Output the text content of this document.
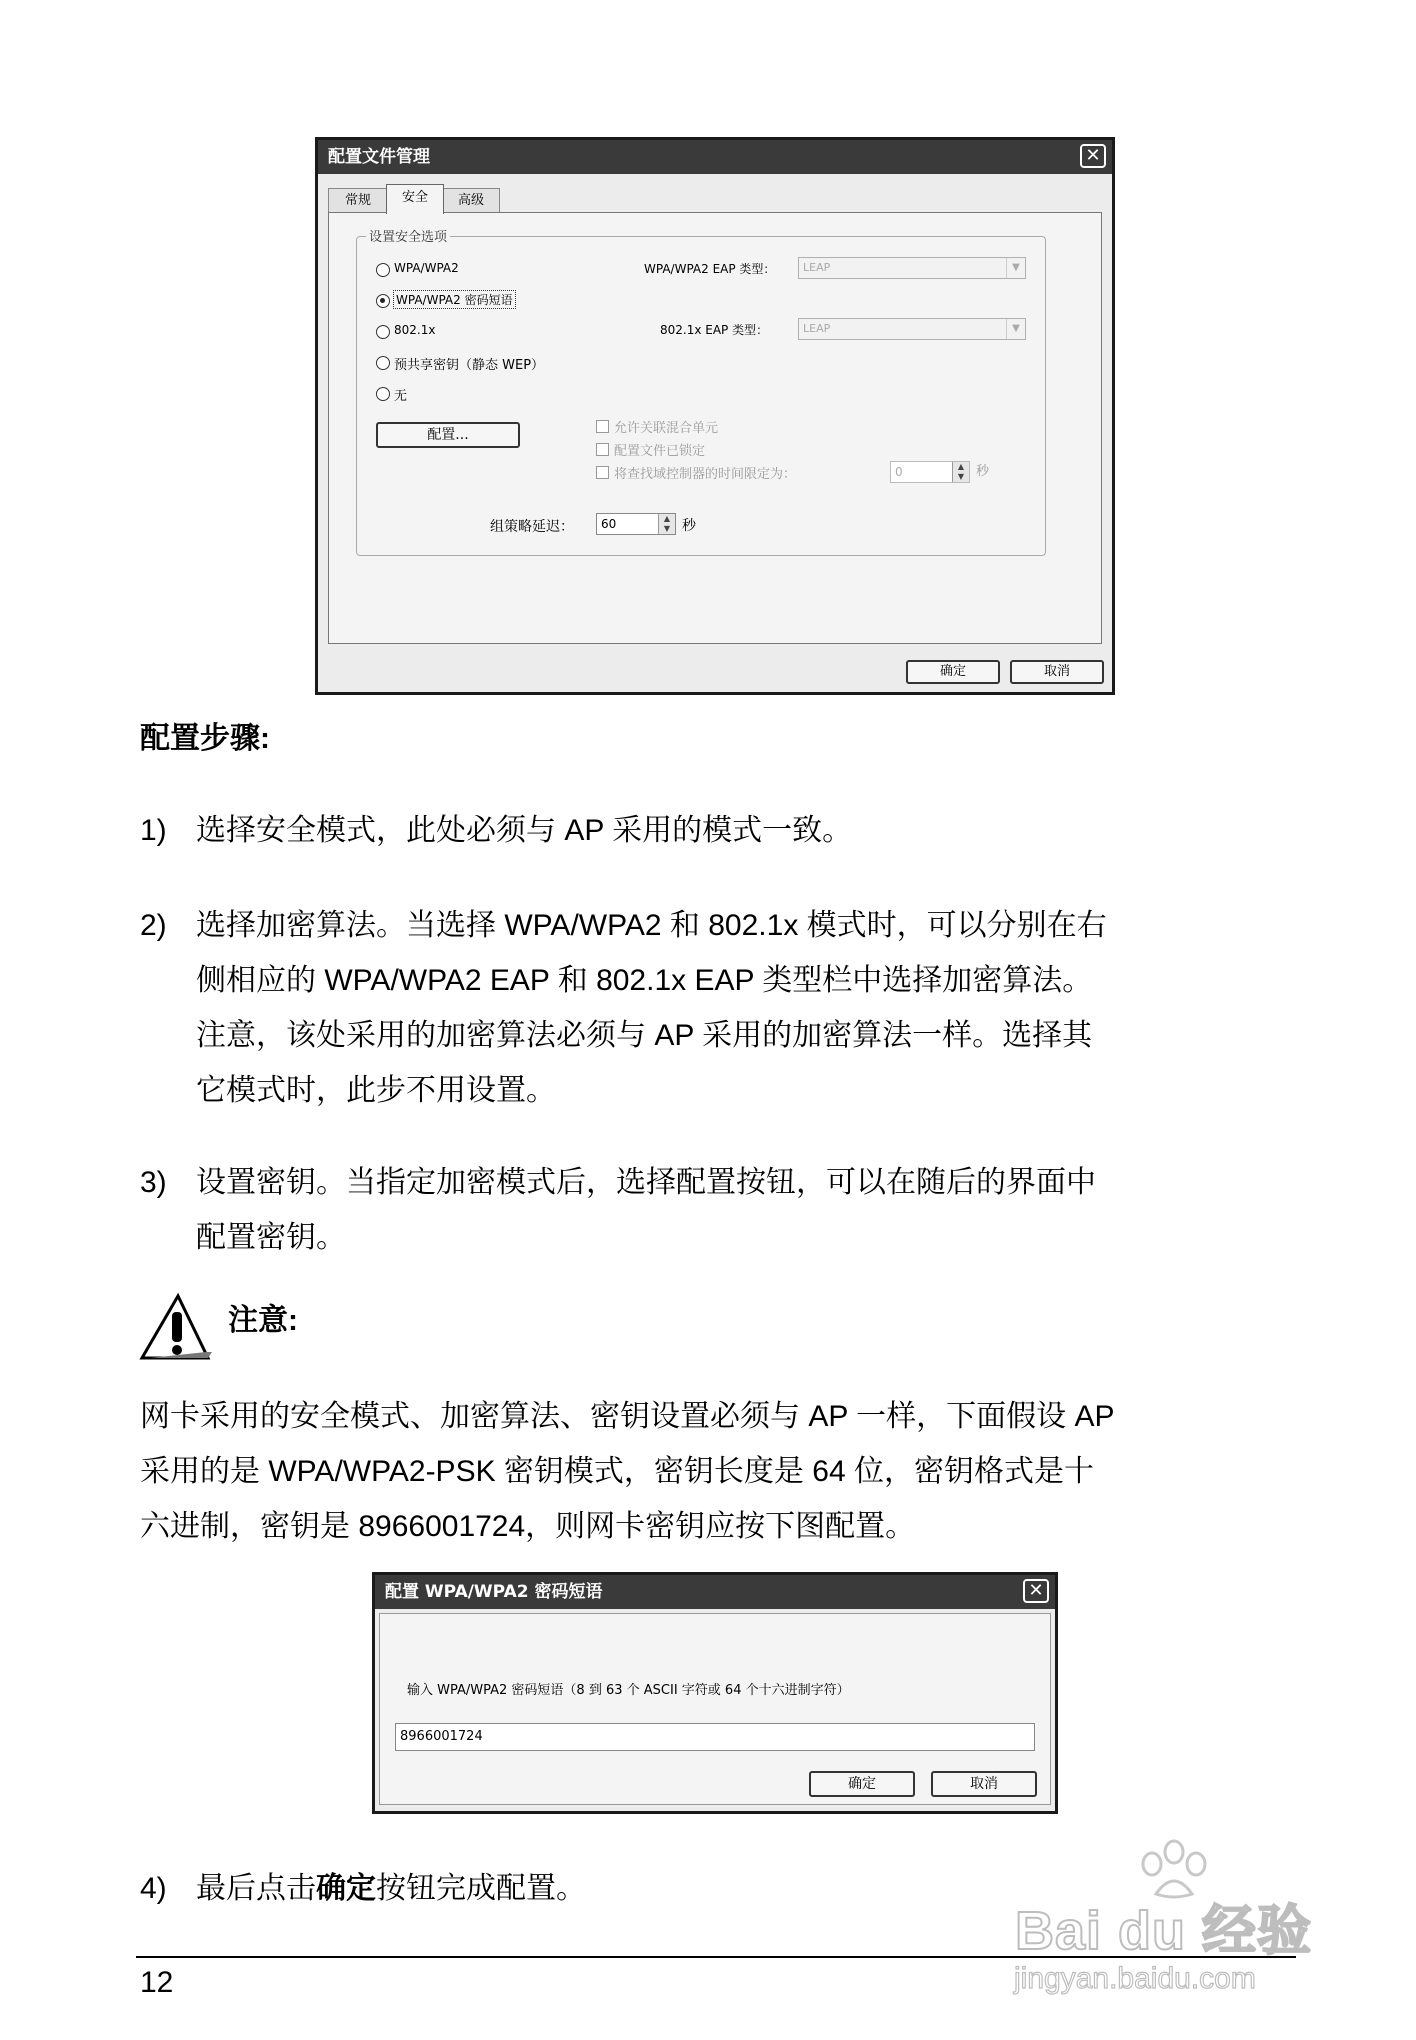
配置文件管理	✕
常规	安全	高级
设置安全选项
WPA/WPA2
WPA/WPA2 密码短语
802.1x
预共享密钥（静态 WEP）
无
WPA/WPA2 EAP 类型：	LEAP	▼
802.1x EAP 类型：	LEAP	▼
配置...	允许关联混合单元
配置文件已锁定
将查找域控制器的时间限定为：	0	▲
▼ 秒
组策略延迟：	60	▲
▼ 秒
确定	取消
配置步骤:
1) 选择安全模式，此处必须与 AP 采用的模式一致。
2) 选择加密算法。当选择 WPA/WPA2 和 802.1x 模式时，可以分别在右
侧相应的 WPA/WPA2 EAP 和 802.1x EAP 类型栏中选择加密算法。
注意，该处采用的加密算法必须与 AP 采用的加密算法一样。选择其
它模式时，此步不用设置。
3) 设置密钥。当指定加密模式后，选择配置按钮，可以在随后的界面中
配置密钥。
注意:
网卡采用的安全模式、加密算法、密钥设置必须与 AP 一样，下面假设 AP
采用的是 WPA/WPA2-PSK 密钥模式，密钥长度是 64 位，密钥格式是十
六进制，密钥是 8966001724，则网卡密钥应按下图配置。
配置 WPA/WPA2 密码短语	✕
输入 WPA/WPA2 密码短语（8 到 63 个 ASCII 字符或 64 个十六进制字符）
8966001724
确定	取消
4) 最后点击确定按钮完成配置。
12
Bai du 经验
jingyan.baidu.com
